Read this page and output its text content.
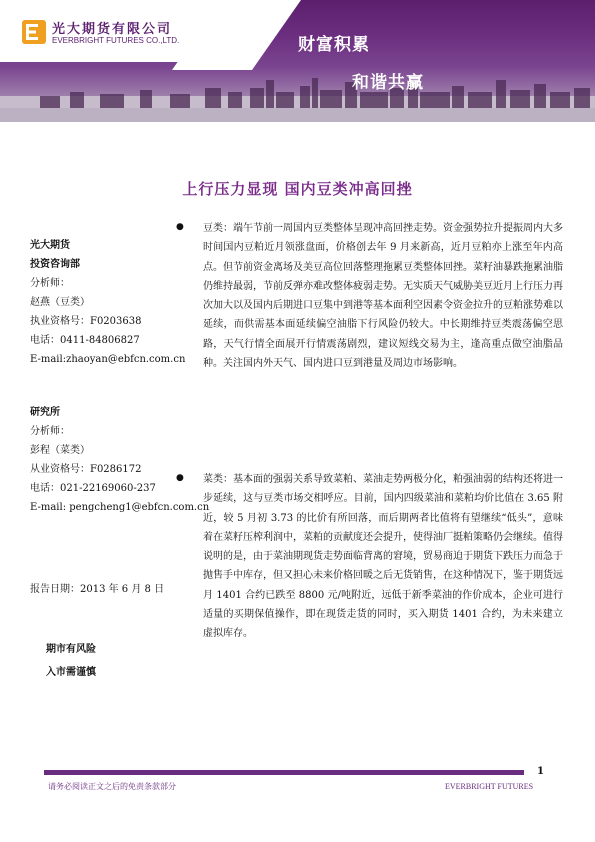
光大期货有限公司
EVERBRIGHT FUTURES CO.,LTD.	财富积累
和谐共赢
上行压力显现 国内豆类冲高回挫
光大期货
投资咨询部
分析师：
赵燕（豆类）
执业资格号：F0203638
电话：0411-84806827
E-mail:zhaoyan@ebfcn.com.cn
研究所
分析师：
彭程（菜类）
从业资格号：F0286172
电话：021-22169060-237
E-mail: pengcheng1@ebfcn.com.cn
报告日期：2013 年 6 月 8 日
期市有风险
入市需谨慎
● 豆类：端午节前一周国内豆类整体呈现冲高回挫走势。资金强势拉升提振周内大多时间国内豆粕近月领涨盘面，价格创去年 9 月来新高，近月豆粕亦上涨至年内高点。但节前资金离场及美豆高位回落整理拖累豆类整体回挫。菜籽油暴跌拖累油脂仍维持最弱，节前反弹亦难改整体疲弱走势。无实质天气威胁美豆近月上行压力再次加大以及国内后期进口豆集中到港等基本面利空因素令资金拉升的豆粕涨势难以延续，而供需基本面延续偏空油脂下行风险仍较大。中长期维持豆类震荡偏空思路，天气行情全面展开行情震荡剧烈，建议短线交易为主，逢高重点做空油脂品种。关注国内外天气、国内进口豆到港量及周边市场影响。
● 菜类：基本面的强弱关系导致菜粕、菜油走势两极分化，粕强油弱的结构还将进一步延续，这与豆类市场交相呼应。目前，国内四级菜油和菜粕均价比值在 3.65 附近，较 5 月初 3.73 的比价有所回落，而后期两者比值将有望继续“低头”，意味着在菜籽压榨利润中，菜粕的贡献度还会提升，使得油厂挺粕策略仍会继续。值得说明的是，由于菜油期现货走势面临背离的窘境，贸易商迫于期货下跌压力而急于抛售手中库存，但又担心未来价格回暖之后无货销售，在这种情况下，鉴于期货远月 1401 合约已跌至 8800 元/吨附近，远低于新季菜油的作价成本，企业可进行适量的买期保值操作，即在现货走货的同时，买入期货 1401 合约，为未来建立虚拟库存。
1
请务必阅读正文之后的免责条款部分	EVERBRIGHT FUTURES
